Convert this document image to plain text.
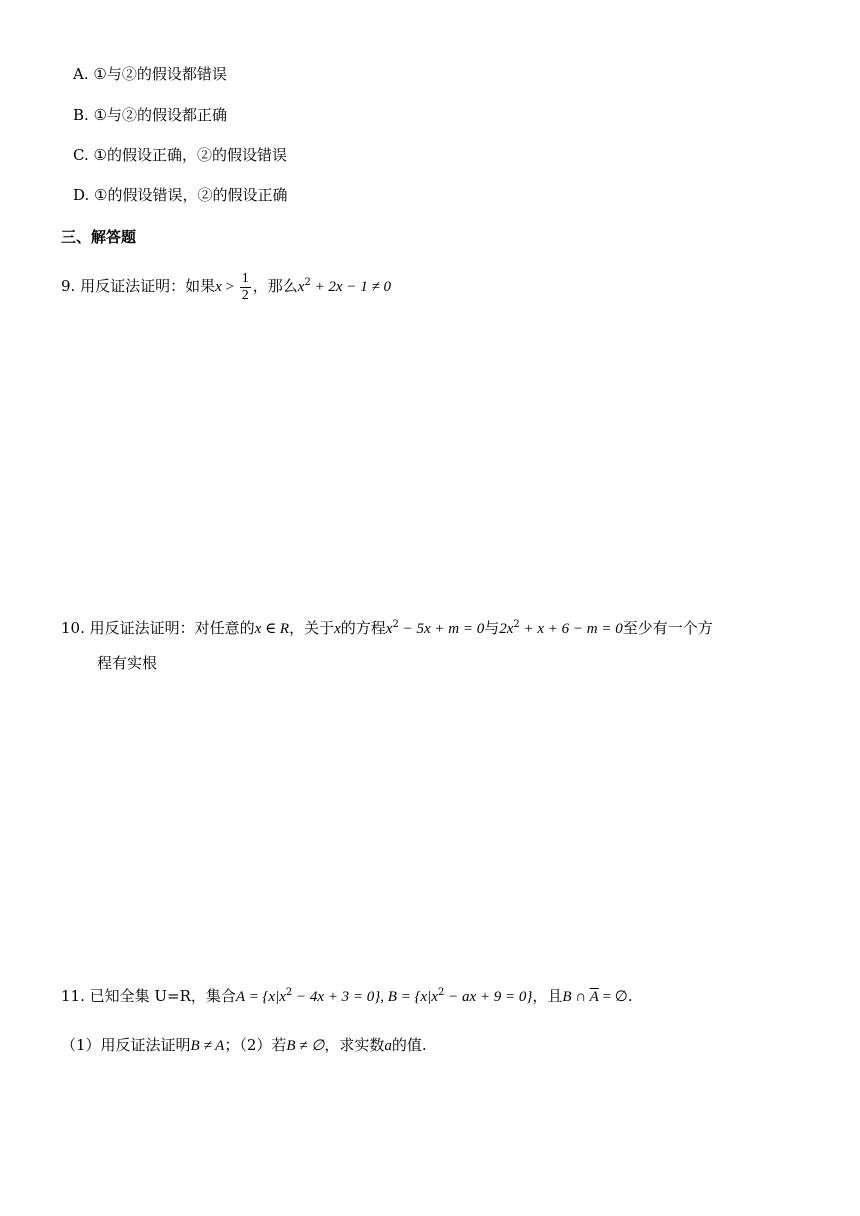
A. ①与②的假设都错误
B. ①与②的假设都正确
C. ①的假设正确，②的假设错误
D. ①的假设错误，②的假设正确
三、解答题
9. 用反证法证明：如果$x > \frac{1}{2}$ ，那么$x^2 + 2x - 1 \ne 0$
10. 用反证法证明：对任意的x ∈ R，关于x的方程$x^2 - 5x + m = 0$与$2x^2 + x + 6 - m = 0$至少有一个方
程有实根
11. 已知全集 U=R，集合$A = \{x|x^2 - 4x + 3 = 0\}$, $B = \{x|x^2$ − ax + 9 = 0}，且B ∩ $\overline{A}$ = ∅.
（1）用反证法证明B ≠ A；（2）若B ≠ ∅，求实数a的值.
